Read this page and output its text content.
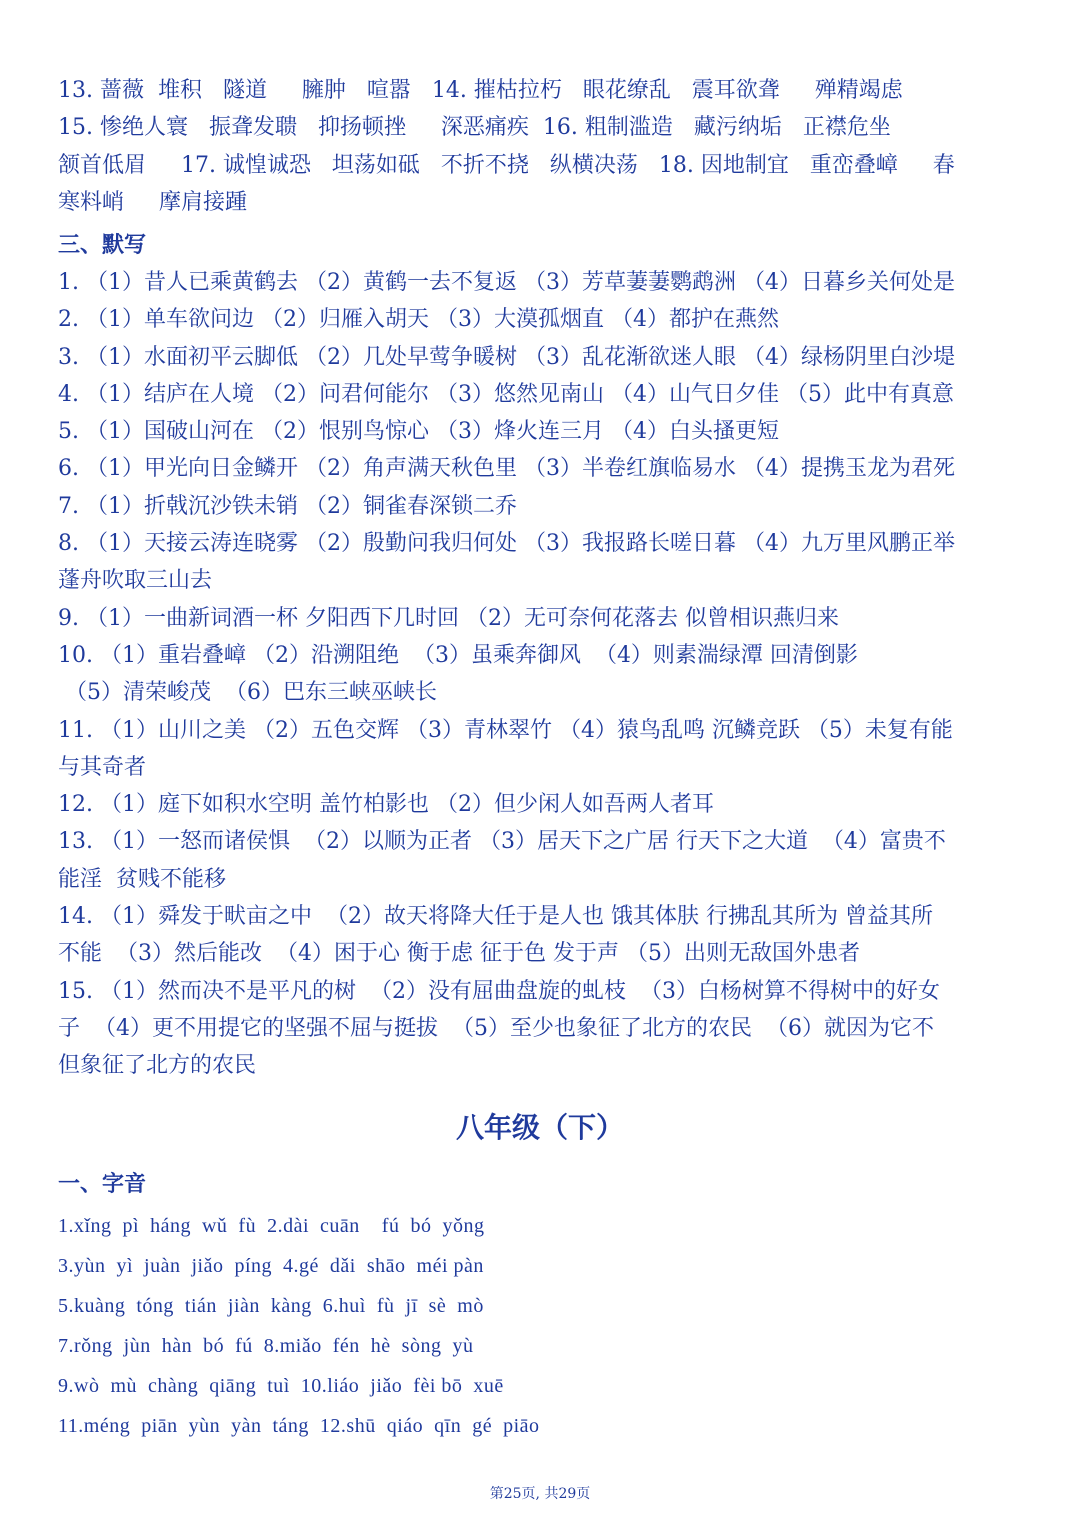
13. 蔷薇  堆积   隧道     臃肿   喧嚣   14. 摧枯拉朽   眼花缭乱   震耳欲聋     殚精竭虑
15. 惨绝人寰   振聋发聩   抑扬顿挫     深恶痛疾  16. 粗制滥造   藏污纳垢   正襟危坐
颔首低眉     17. 诚惶诚恐   坦荡如砥   不折不挠   纵横决荡   18. 因地制宜   重峦叠嶂     春
寒料峭     摩肩接踵
三、默写
1. （1）昔人已乘黄鹤去 （2）黄鹤一去不复返 （3）芳草萋萋鹦鹉洲 （4）日暮乡关何处是
2. （1）单车欲问边 （2）归雁入胡天 （3）大漠孤烟直 （4）都护在燕然
3. （1）水面初平云脚低 （2）几处早莺争暖树 （3）乱花渐欲迷人眼 （4）绿杨阴里白沙堤
4. （1）结庐在人境 （2）问君何能尔 （3）悠然见南山 （4）山气日夕佳 （5）此中有真意
5. （1）国破山河在 （2）恨别鸟惊心 （3）烽火连三月 （4）白头搔更短
6. （1）甲光向日金鳞开 （2）角声满天秋色里 （3）半卷红旗临易水 （4）提携玉龙为君死
7. （1）折戟沉沙铁未销 （2）铜雀春深锁二乔
8. （1）天接云涛连晓雾 （2）殷勤问我归何处 （3）我报路长嗟日暮 （4）九万里风鹏正举
蓬舟吹取三山去
9. （1）一曲新词酒一杯 夕阳西下几时回 （2）无可奈何花落去 似曾相识燕归来
10. （1）重岩叠嶂 （2）沿溯阻绝  （3）虽乘奔御风  （4）则素湍绿潭 回清倒影
（5）清荣峻茂  （6）巴东三峡巫峡长
11. （1）山川之美 （2）五色交辉 （3）青林翠竹 （4）猿鸟乱鸣 沉鳞竞跃 （5）未复有能
与其奇者
12. （1）庭下如积水空明 盖竹柏影也 （2）但少闲人如吾两人者耳
13. （1）一怒而诸侯惧  （2）以顺为正者 （3）居天下之广居 行天下之大道  （4）富贵不
能淫  贫贱不能移
14. （1）舜发于畎亩之中  （2）故天将降大任于是人也 饿其体肤 行拂乱其所为 曾益其所
不能  （3）然后能改  （4）困于心 衡于虑 征于色 发于声 （5）出则无敌国外患者
15. （1）然而决不是平凡的树  （2）没有屈曲盘旋的虬枝  （3）白杨树算不得树中的好女
子  （4）更不用提它的坚强不屈与挺拔  （5）至少也象征了北方的农民  （6）就因为它不
但象征了北方的农民
八年级（下）
一、字音
1.xǐng  pì  háng  wǔ  fù  2.dài  cuān    fú  bó  yǒng
3.yùn  yì  juàn  jiǎo  píng  4.gé  dǎi  shāo  méi pàn
5.kuàng  tóng  tián  jiàn  kàng  6.huì  fù  jī  sè  mò
7.rǒng  jùn  hàn  bó  fú  8.miǎo  fén  hè  sòng  yù
9.wò  mù  chàng  qiāng  tuì  10.liáo  jiǎo  fèi bō  xuē
11.méng  piān  yùn  yàn  táng  12.shū  qiáo  qīn  gé  piāo
第25页, 共29页
